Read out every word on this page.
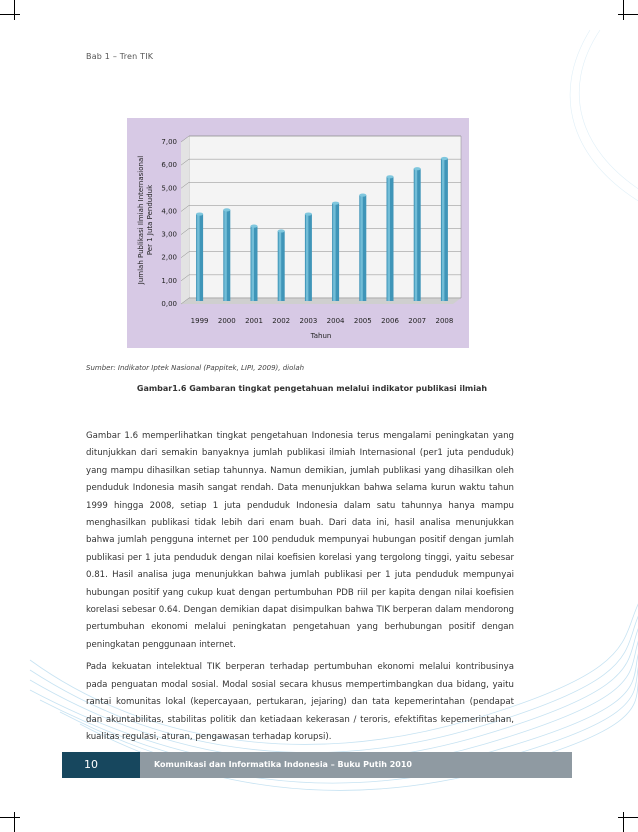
Bab 1 – Tren TIK
0,00
1,00
2,00
3,00
4,00
5,00
6,00
7,00
1999 2000 2001 2002 2003 2004 2005 2006 2007 2008
Jumlah Publikasi Ilmiah Internasional Per 1 Juta Penduduk
Tahun
Sumber: Indikator Iptek Nasional (Pappitek, LIPI, 2009), diolah
Gambar1.6 Gambaran tingkat pengetahuan melalui indikator publikasi ilmiah

Gambar 1.6 memperlihatkan tingkat pengetahuan Indonesia terus mengalami peningkatan yang ditunjukkan dari semakin banyaknya jumlah publikasi ilmiah Internasional (per1 juta penduduk) yang mampu dihasilkan setiap tahunnya. Namun demikian, jumlah publikasi yang dihasilkan oleh penduduk Indonesia masih sangat rendah. Data menunjukkan bahwa selama kurun waktu tahun 1999 hingga 2008, setiap 1 juta penduduk Indonesia dalam satu tahunnya hanya mampu menghasilkan publikasi tidak lebih dari enam buah. Dari data ini, hasil analisa menunjukkan bahwa jumlah pengguna internet per 100 penduduk mempunyai hubungan positif dengan jumlah publikasi per 1 juta penduduk dengan nilai koefisien korelasi yang tergolong tinggi, yaitu sebesar 0.81. Hasil analisa juga menunjukkan bahwa jumlah publikasi per 1 juta penduduk mempunyai hubungan positif yang cukup kuat dengan pertumbuhan PDB riil per kapita dengan nilai koefisien korelasi sebesar 0.64. Dengan demikian dapat disimpulkan bahwa TIK berperan dalam mendorong pertumbuhan ekonomi melalui peningkatan pengetahuan yang berhubungan positif dengan peningkatan penggunaan internet.

Pada kekuatan intelektual TIK berperan terhadap pertumbuhan ekonomi melalui kontribusinya pada penguatan modal sosial. Modal sosial secara khusus mempertimbangkan dua bidang, yaitu rantai komunitas lokal (kepercayaan, pertukaran, jejaring) dan tata kepemerintahan (pendapat dan akuntabilitas, stabilitas politik dan ketiadaan kekerasan / teroris, efektifitas kepemerintahan, kualitas regulasi, aturan, pengawasan terhadap korupsi).

10	Komunikasi dan Informatika Indonesia – Buku Putih 2010
